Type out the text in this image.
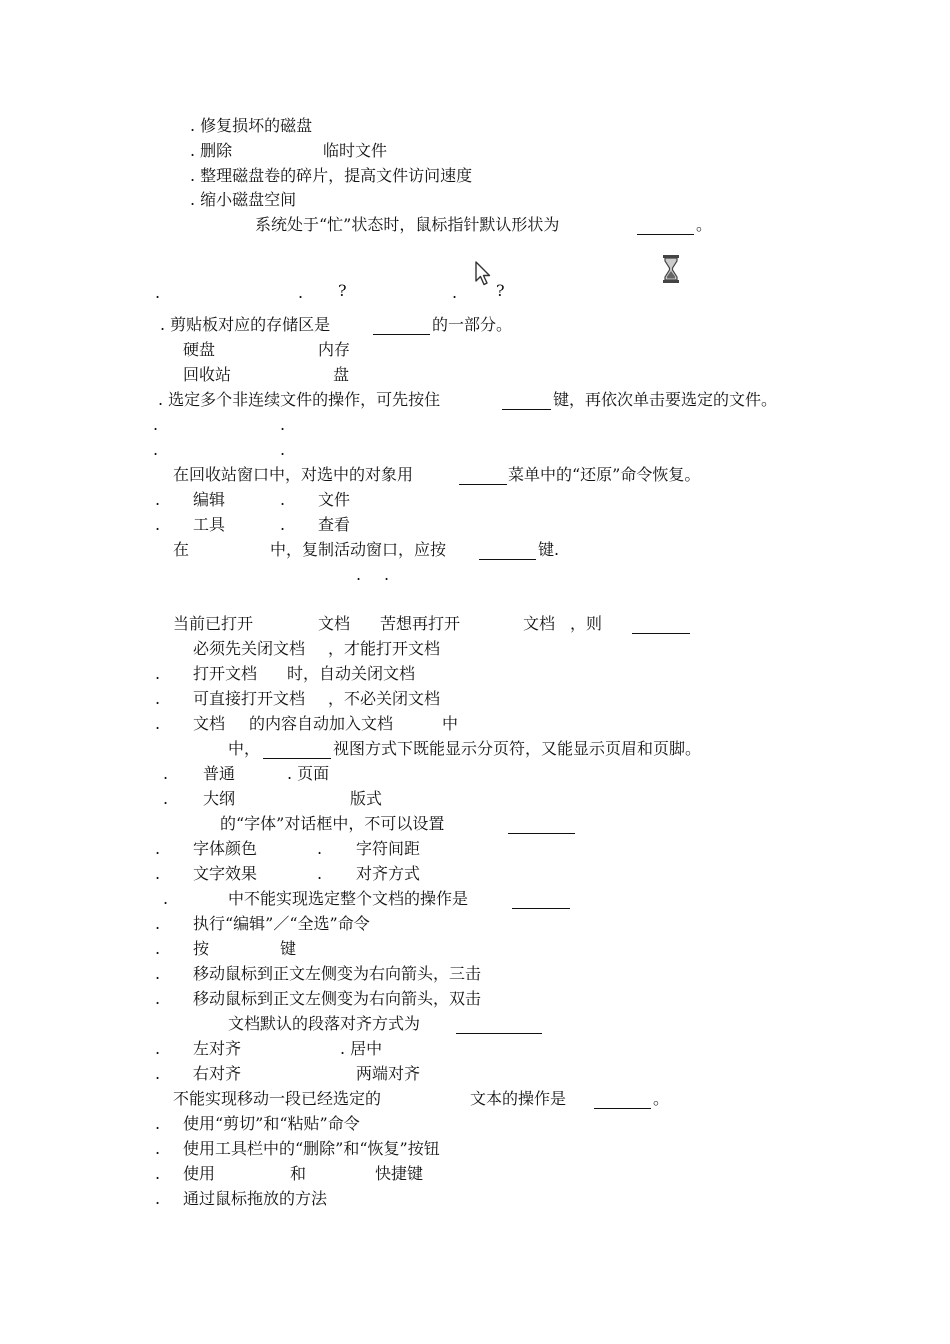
. 修复损坏的磁盘
. 删除	临时文件
. 整理磁盘卷的碎片，提高文件访问速度
. 缩小磁盘空间
系统处于“忙”状态时，鼠标指针默认形状为	。
.	. ?	. ?
. 剪贴板对应的存储区是	的一部分。
硬盘	内存
回收站	盘
. 选定多个非连续文件的操作，可先按住	键，再依次单击要选定的文件。
.	.
.	.
在回收站窗口中，对选中的对象用	菜单中的“还原”命令恢复。
. 编辑	. 文件
. 工具	. 查看
在	中，复制活动窗口，应按	键.
. .
当前已打开	文档 苦想再打开	文档 ，则
必须先关闭文档 ，才能打开文档
. 打开文档 时，自动关闭文档
. 可直接打开文档 ，不必关闭文档
. 文档 的内容自动加入文档	中
中，	视图方式下既能显示分页符，又能显示页眉和页脚。
. 普通	. 页面
. 大纲	版式
的“字体”对话框中，不可以设置
. 字体颜色	. 字符间距
. 文字效果	. 对齐方式
.	中不能实现选定整个文档的操作是
. 执行“编辑”／“全选”命令
. 按	键
. 移动鼠标到正文左侧变为右向箭头，三击
. 移动鼠标到正文左侧变为右向箭头，双击
文档默认的段落对齐方式为
. 左对齐	. 居中
. 右对齐	两端对齐
不能实现移动一段已经选定的	文本的操作是	。
. 使用“剪切”和“粘贴”命令
. 使用工具栏中的“删除”和“恢复”按钮
. 使用	和	快捷键
. 通过鼠标拖放的方法
